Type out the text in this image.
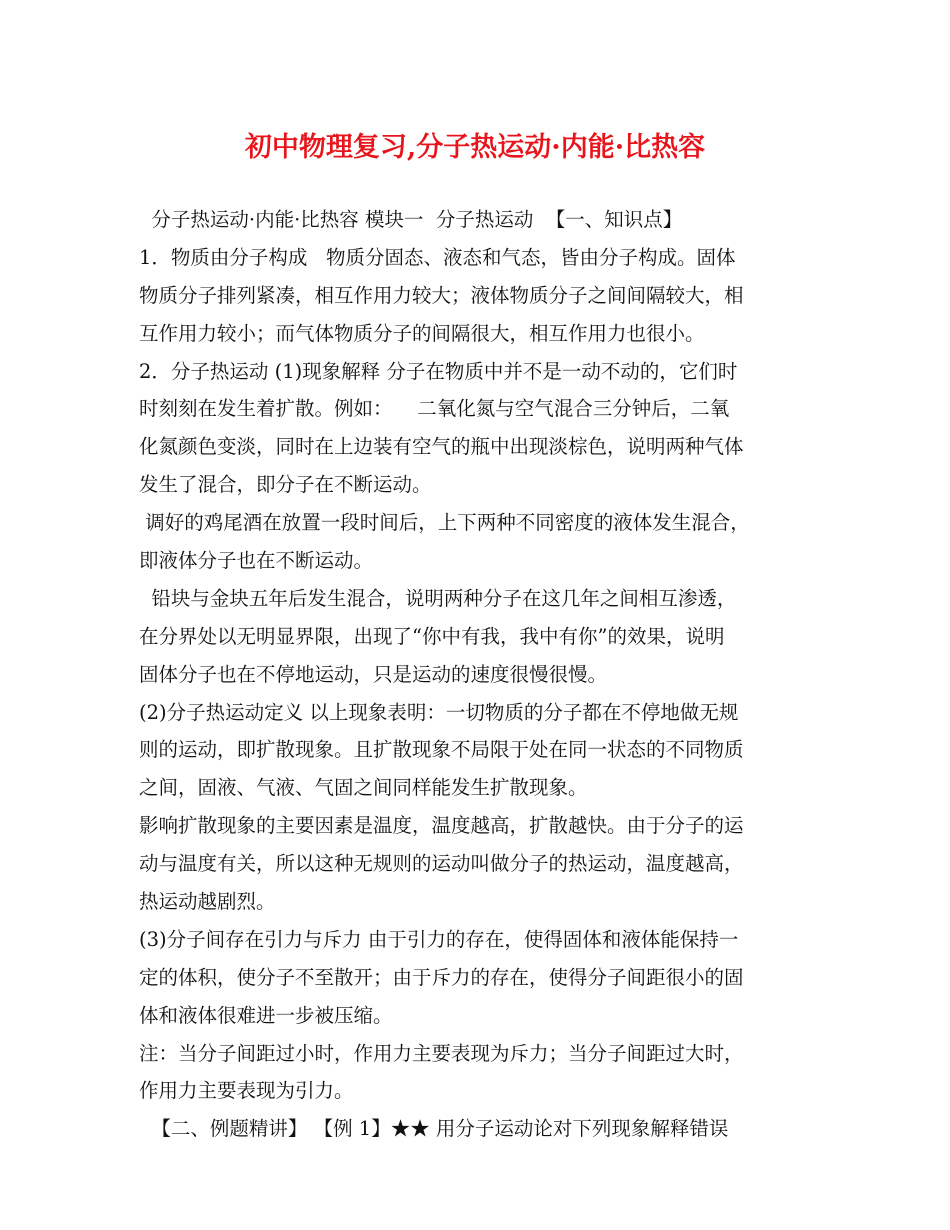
初中物理复习,分子热运动·内能·比热容
分子热运动·内能·比热容 模块一  分子热运动  【一、知识点】
1．物质由分子构成   物质分固态、液态和气态，皆由分子构成。固体
物质分子排列紧凑，相互作用力较大；液体物质分子之间间隔较大，相
互作用力较小；而气体物质分子的间隔很大，相互作用力也很小。
2．分子热运动 (1)现象解释 分子在物质中并不是一动不动的，它们时
时刻刻在发生着扩散。例如：    二氧化氮与空气混合三分钟后，二氧
化氮颜色变淡，同时在上边装有空气的瓶中出现淡棕色，说明两种气体
发生了混合，即分子在不断运动。
调好的鸡尾酒在放置一段时间后，上下两种不同密度的液体发生混合，
即液体分子也在不断运动。
铅块与金块五年后发生混合，说明两种分子在这几年之间相互渗透，
在分界处以无明显界限，出现了“你中有我，我中有你”的效果，说明
固体分子也在不停地运动，只是运动的速度很慢很慢。
(2)分子热运动定义 以上现象表明：一切物质的分子都在不停地做无规
则的运动，即扩散现象。且扩散现象不局限于处在同一状态的不同物质
之间，固液、气液、气固之间同样能发生扩散现象。
影响扩散现象的主要因素是温度，温度越高，扩散越快。由于分子的运
动与温度有关，所以这种无规则的运动叫做分子的热运动，温度越高，
热运动越剧烈。
(3)分子间存在引力与斥力 由于引力的存在，使得固体和液体能保持一
定的体积，使分子不至散开；由于斥力的存在，使得分子间距很小的固
体和液体很难进一步被压缩。
注：当分子间距过小时，作用力主要表现为斥力；当分子间距过大时，
作用力主要表现为引力。
【二、例题精讲】 【例 1】★★ 用分子运动论对下列现象解释错误
